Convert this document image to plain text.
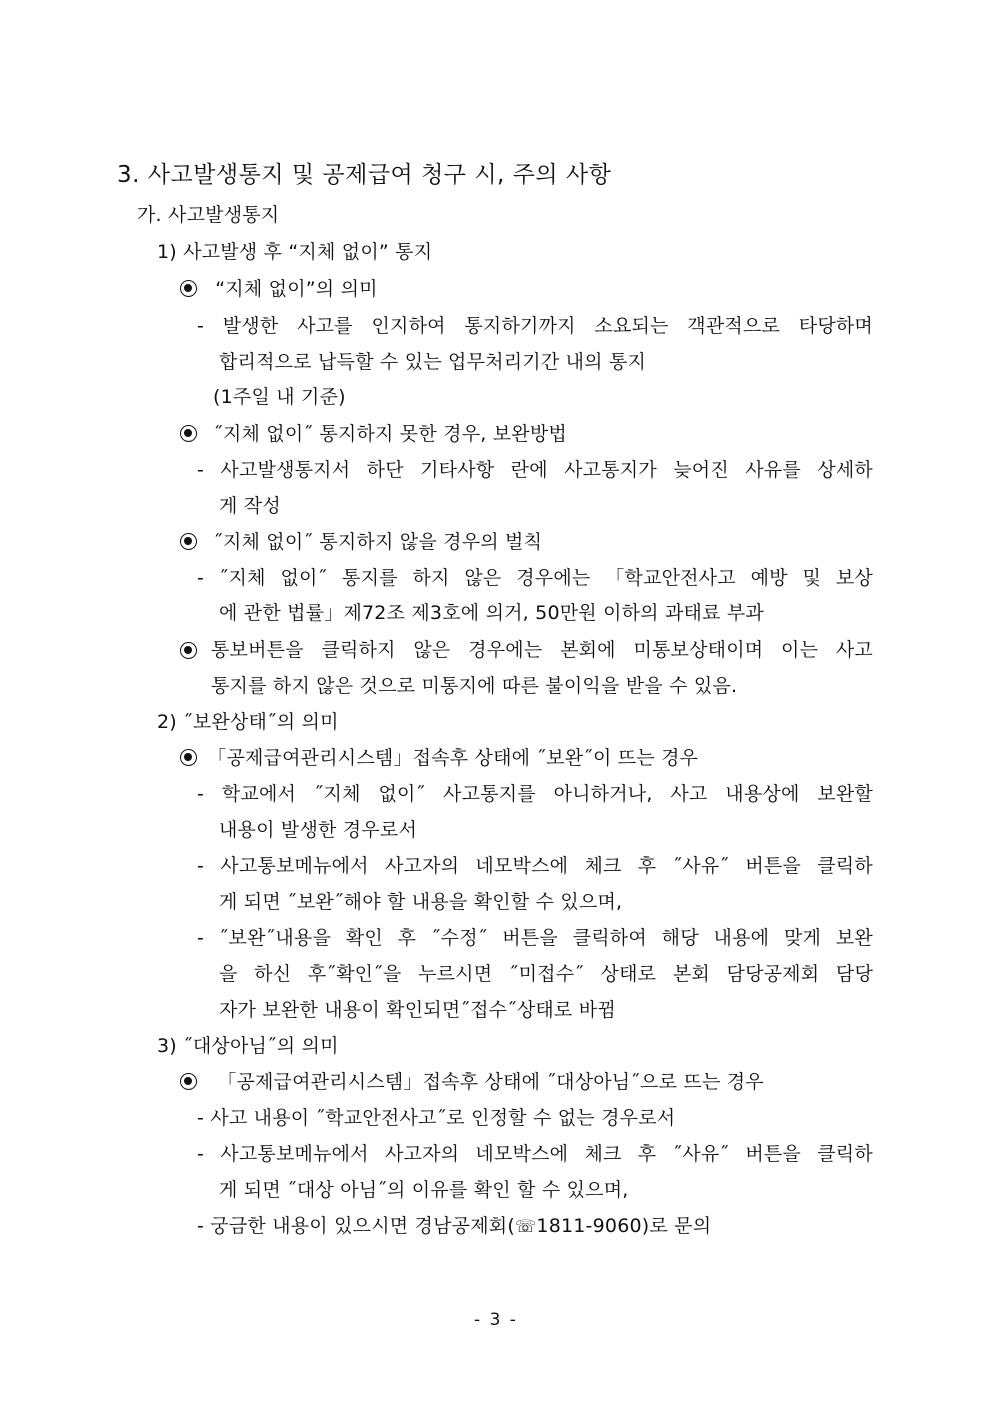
3. 사고발생통지 및 공제급여 청구 시, 주의 사항
가. 사고발생통지
1) 사고발생 후 “지체 없이” 통지
“지체 없이”의 의미
- 발생한 사고를 인지하여 통지하기까지 소요되는 객관적으로 타당하며
합리적으로 납득할 수 있는 업무처리기간 내의 통지
(1주일 내 기준)
˝지체 없이˝ 통지하지 못한 경우, 보완방법
- 사고발생통지서 하단 기타사항 란에 사고통지가 늦어진 사유를 상세하
게 작성
˝지체 없이˝ 통지하지 않을 경우의 벌칙
- ˝지체 없이˝ 통지를 하지 않은 경우에는 「학교안전사고 예방 및 보상
에 관한 법률」제72조 제3호에 의거, 50만원 이하의 과태료 부과
통보버튼을 클릭하지 않은 경우에는 본회에 미통보상태이며 이는 사고
통지를 하지 않은 것으로 미통지에 따른 불이익을 받을 수 있음.
2) ˝보완상태˝의 의미
「공제급여관리시스템」접속후 상태에 ˝보완˝이 뜨는 경우
- 학교에서 ˝지체 없이˝ 사고통지를 아니하거나, 사고 내용상에 보완할
내용이 발생한 경우로서
- 사고통보메뉴에서 사고자의 네모박스에 체크 후 ˝사유˝ 버튼을 클릭하
게 되면 ˝보완˝해야 할 내용을 확인할 수 있으며,
- ˝보완˝내용을 확인 후 ˝수정˝ 버튼을 클릭하여 해당 내용에 맞게 보완
을 하신 후˝확인˝을 누르시면 ˝미접수˝ 상태로 본회 담당공제회 담당
자가 보완한 내용이 확인되면˝접수˝상태로 바뀜
3) ˝대상아님˝의 의미
「공제급여관리시스템」접속후 상태에 ˝대상아님˝으로 뜨는 경우
- 사고 내용이 ˝학교안전사고˝로 인정할 수 없는 경우로서
- 사고통보메뉴에서 사고자의 네모박스에 체크 후 ˝사유˝ 버튼을 클릭하
게 되면 ˝대상 아님˝의 이유를 확인 할 수 있으며,
- 궁금한 내용이 있으시면 경남공제회(☏1811-9060)로 문의
- 3 -
